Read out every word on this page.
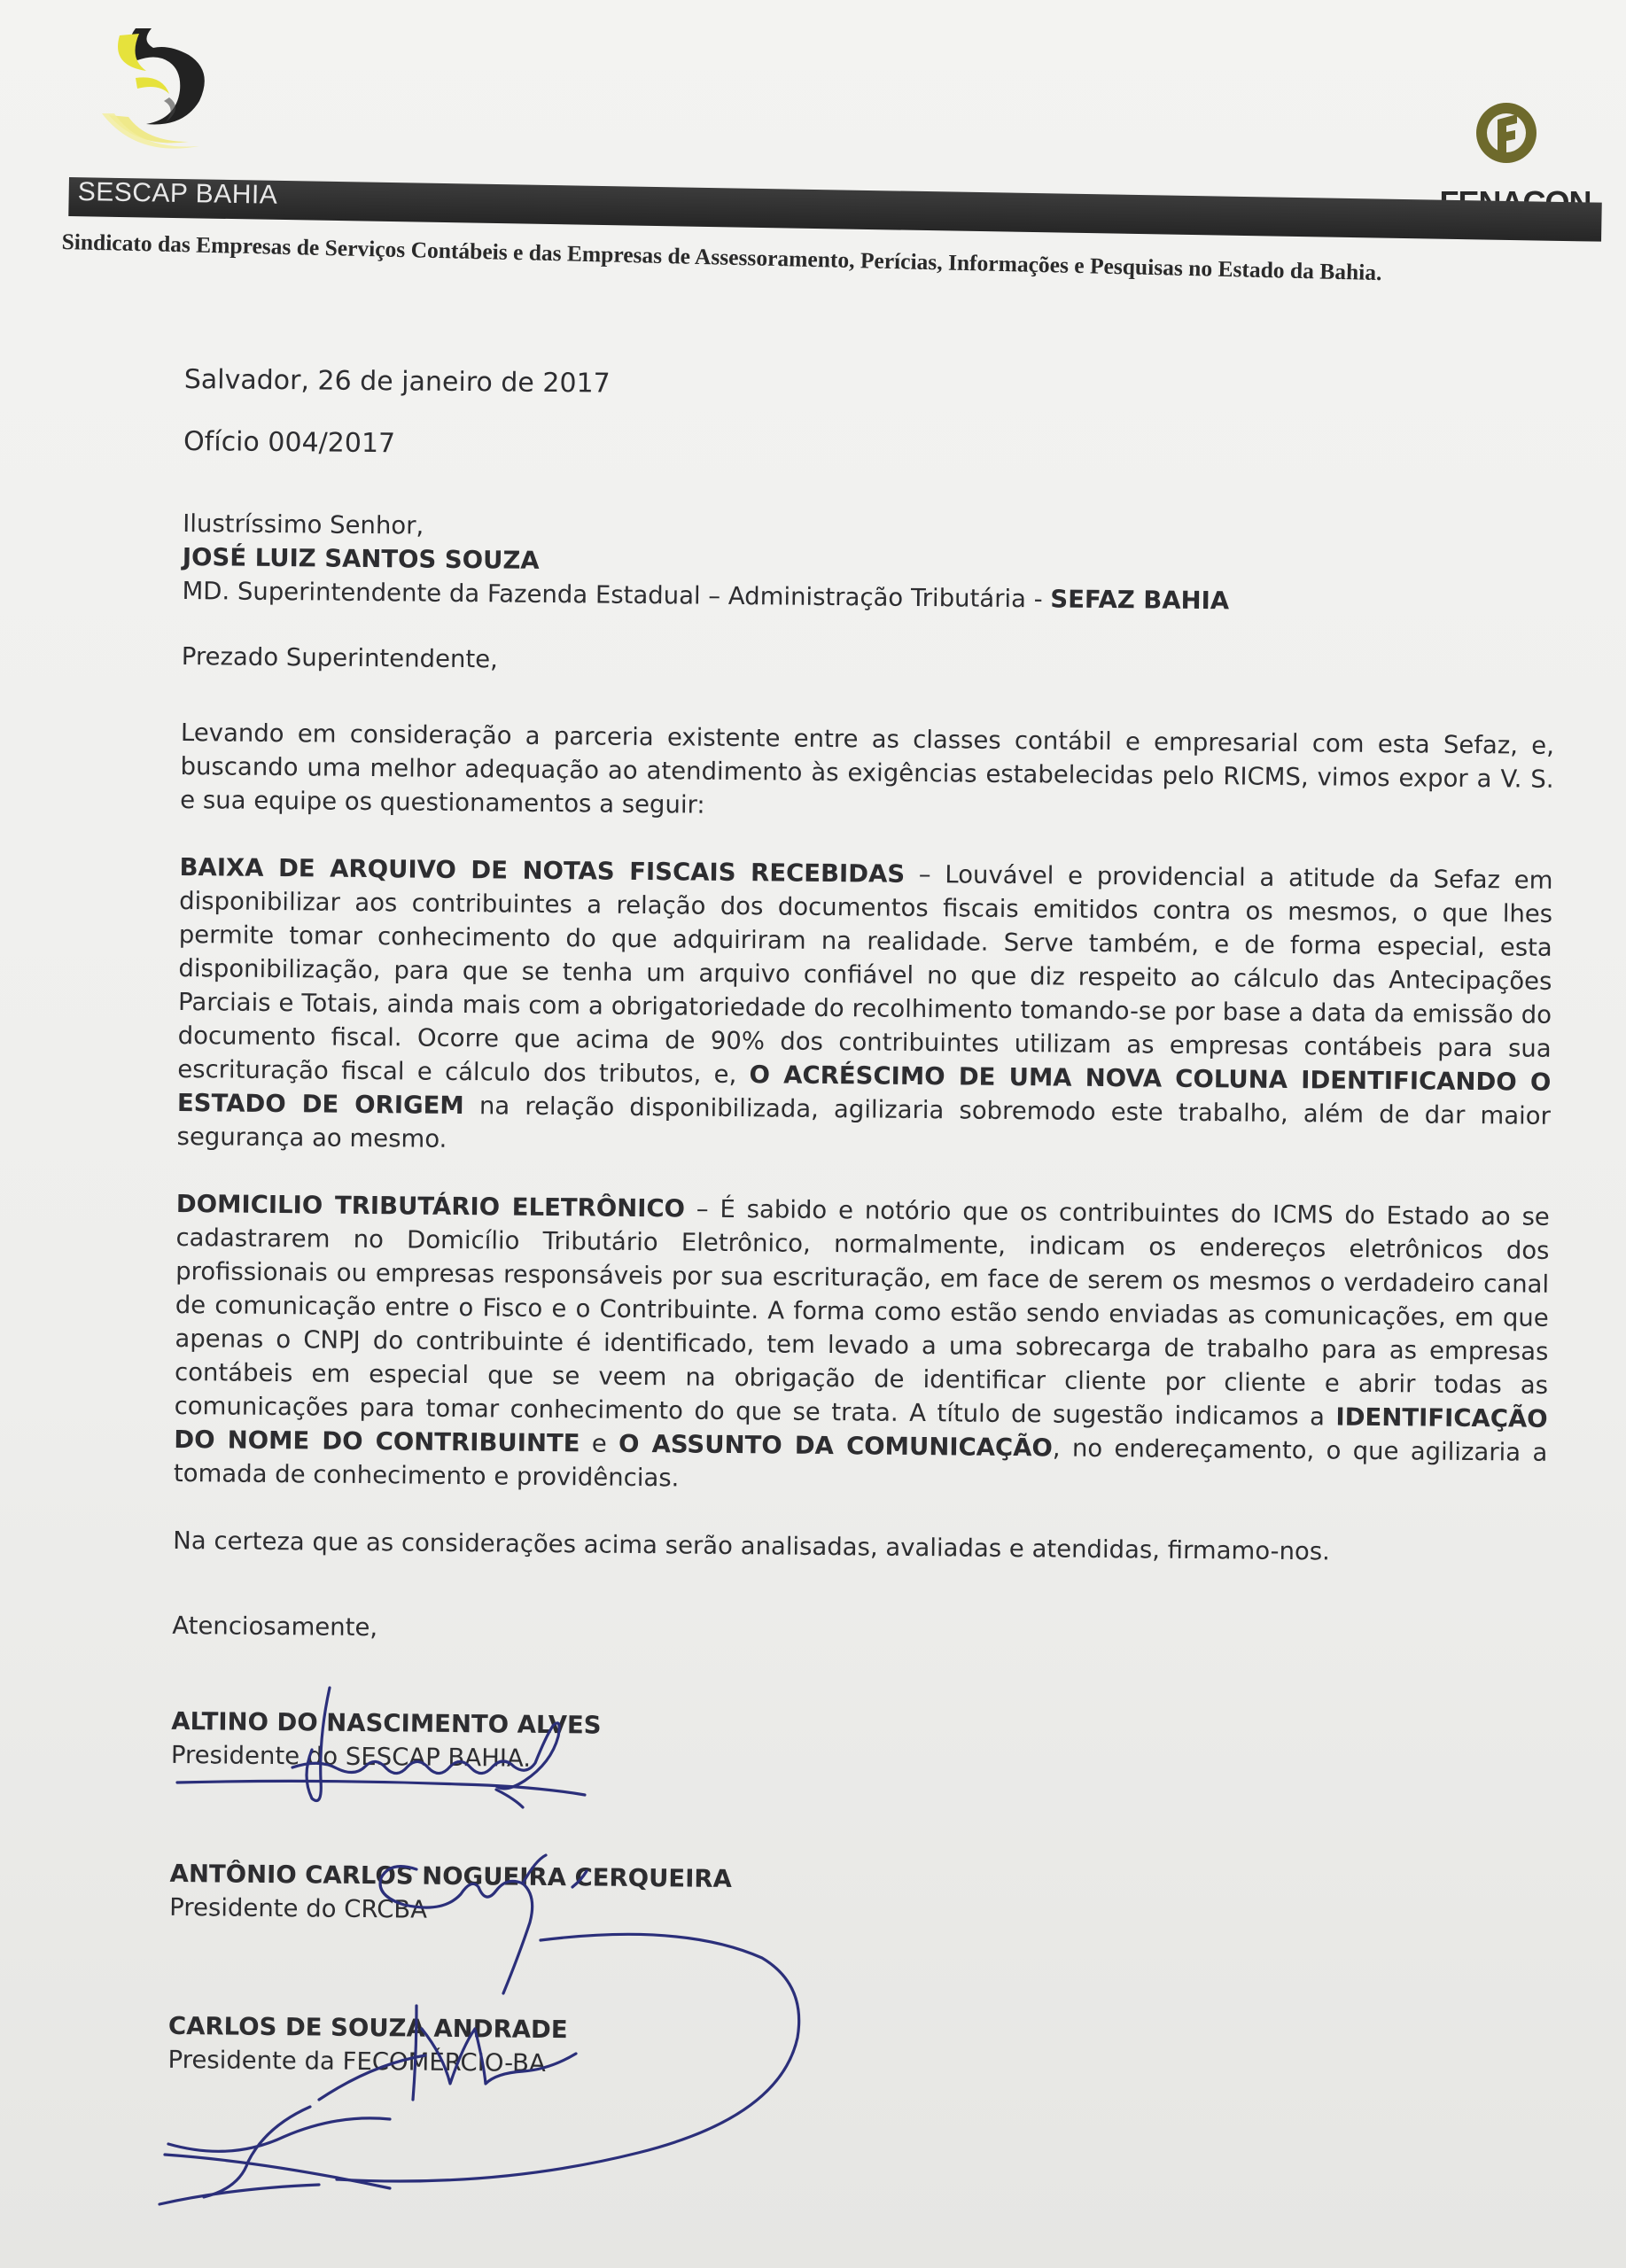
SESCAP BAHIA
Sindicato das Empresas de Serviços Contábeis e das Empresas de Assessoramento, Perícias, Informações e Pesquisas no Estado da Bahia.

Salvador, 26 de janeiro de 2017

Ofício 004/2017

Ilustríssimo Senhor,

JOSÉ LUIZ SANTOS SOUZA

MD. Superintendente da Fazenda Estadual – Administração Tributária - SEFAZ BAHIA

Prezado Superintendente,

Levando em consideração a parceria existente entre as classes contábil e empresarial com esta Sefaz, e, buscando uma melhor adequação ao atendimento às exigências estabelecidas pelo RICMS, vimos expor a V. S. e sua equipe os questionamentos a seguir:

BAIXA DE ARQUIVO DE NOTAS FISCAIS RECEBIDAS – Louvável e providencial a atitude da Sefaz em disponibilizar aos contribuintes a relação dos documentos fiscais emitidos contra os mesmos, o que lhes permite tomar conhecimento do que adquiriram na realidade. Serve também, e de forma especial, esta disponibilização, para que se tenha um arquivo confiável no que diz respeito ao cálculo das Antecipações Parciais e Totais, ainda mais com a obrigatoriedade do recolhimento tomando-se por base a data da emissão do documento fiscal. Ocorre que acima de 90% dos contribuintes utilizam as empresas contábeis para sua escrituração fiscal e cálculo dos tributos, e, O ACRÉSCIMO DE UMA NOVA COLUNA IDENTIFICANDO O ESTADO DE ORIGEM na relação disponibilizada, agilizaria sobremodo este trabalho, além de dar maior segurança ao mesmo.

DOMICILIO TRIBUTÁRIO ELETRÔNICO – É sabido e notório que os contribuintes do ICMS do Estado ao se cadastrarem no Domicílio Tributário Eletrônico, normalmente, indicam os endereços eletrônicos dos profissionais ou empresas responsáveis por sua escrituração, em face de serem os mesmos o verdadeiro canal de comunicação entre o Fisco e o Contribuinte. A forma como estão sendo enviadas as comunicações, em que apenas o CNPJ do contribuinte é identificado, tem levado a uma sobrecarga de trabalho para as empresas contábeis em especial que se veem na obrigação de identificar cliente por cliente e abrir todas as comunicações para tomar conhecimento do que se trata. A título de sugestão indicamos a IDENTIFICAÇÃO DO NOME DO CONTRIBUINTE e O ASSUNTO DA COMUNICAÇÃO, no endereçamento, o que agilizaria a tomada de conhecimento e providências.

Na certeza que as considerações acima serão analisadas, avaliadas e atendidas, firmamo-nos.

Atenciosamente,

ALTINO DO NASCIMENTO ALVES

Presidente do SESCAP BAHIA.

ANTÔNIO CARLOS NOGUEIRA CERQUEIRA

Presidente do CRCBA

CARLOS DE SOUZA ANDRADE

Presidente da FECOMÉRCIO-BA
